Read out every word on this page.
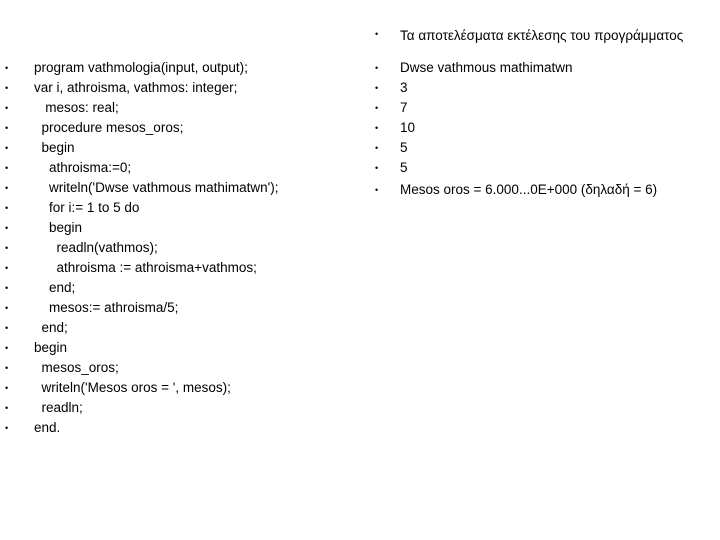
• program vathmologia(input, output);
• var i, athroisma, vathmos: integer;
• mesos: real;
• procedure mesos_oros;
• begin
• athroisma:=0;
• writeln('Dwse vathmous mathimatwn');
• for i:= 1 to 5 do
• begin
• readln(vathmos);
• athroisma := athroisma+vathmos;
• end;
• mesos:= athroisma/5;
• end;
• begin
• mesos_oros;
• writeln('Mesos oros = ', mesos);
• readln;
• end.
• Τα αποτελέσματα εκτέλεσης του προγράμματος
• Dwse vathmous mathimatwn
• 3
• 7
• 10
• 5
• 5
• Mesos oros = 6.000...0E+000 (δηλαδή = 6)
